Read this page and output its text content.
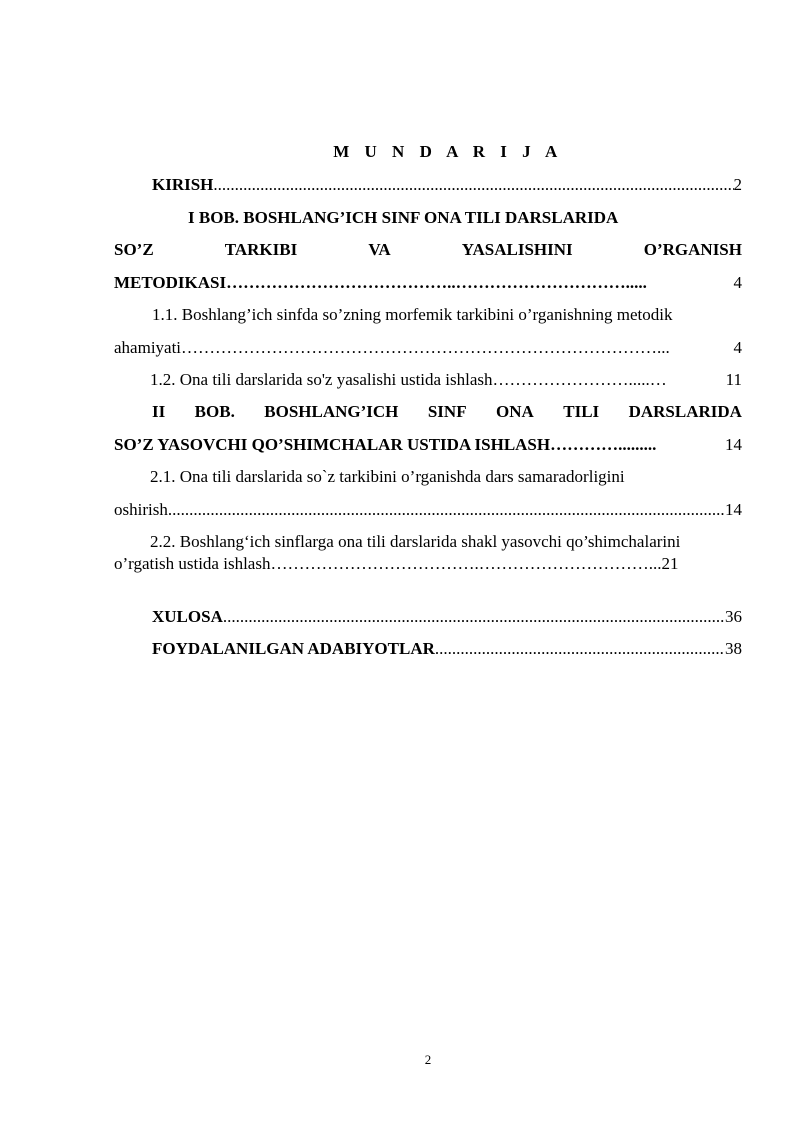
M U N D A R I J A
KIRISH .....	2
I BOB. BOSHLANG’ICH SINF ONA TILI DARSLARIDA
SO’Z	TARKIBI	VA	YASALISHINI	O’RGANISH
METODIKASI…………………………………..………………………….....	4
1.1. Boshlang’ich sinfda so’zning morfemik tarkibini o’rganishning metodik
ahamiyati…………………………………………………………………………...	4
1.2. Ona tili darslarida so'z yasalishi ustida ishlash…………………….....…	11
II BOB. BOSHLANG’ICH SINF ONA TILI DARSLARIDA
SO’Z YASOVCHI QO’SHIMCHALAR USTIDA ISHLASH………….........	14
2.1. Ona tili darslarida so`z tarkibini o’rganishda dars samaradorligini
oshirish .....	14
2.2. Boshlang‘ich sinflarga ona tili darslarida shakl yasovchi qo’shimchalarini
o’rgatish ustida ishlash……………………………….…………………………...21
XULOSA .....	36
FOYDALANILGAN ADABIYOTLAR .....	38
2
